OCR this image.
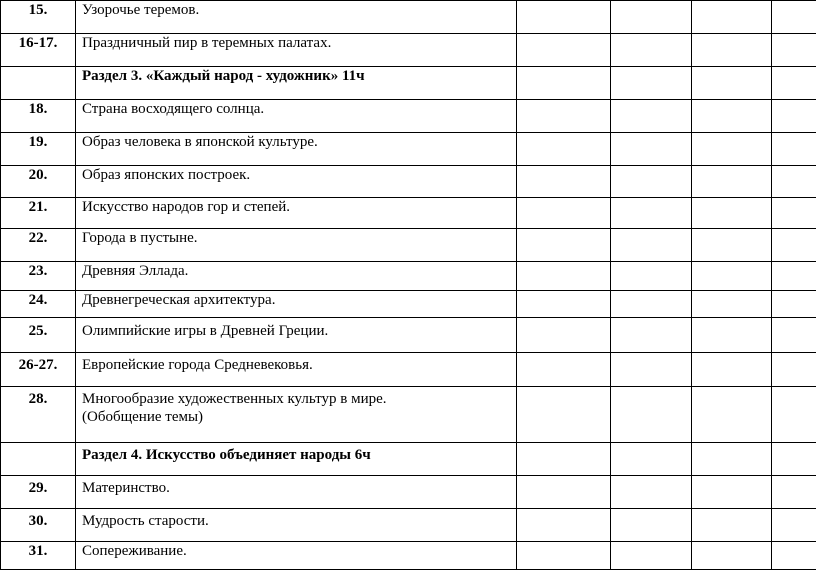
15.	Узорочье теремов.				
16-17.	Праздничный пир в теремных палатах.				
	Раздел 3. «Каждый народ - художник» 11ч				
18.	Страна восходящего солнца.				
19.	Образ человека в японской культуре.				
20.	Образ японских построек.				
21.	Искусство народов гор и степей.				
22.	Города в пустыне.				
23.	Древняя Эллада.				
24.	Древнегреческая архитектура.				
25.	Олимпийские игры в Древней Греции.				
26-27.	Европейские города Средневековья.				
28.	Многообразие художественных культур в мире.
(Обобщение темы)				

	Раздел 4. Искусство объединяет народы 6ч				
29.	Материнство.				
30.	Мудрость старости.				
31.	Сопереживание.				
